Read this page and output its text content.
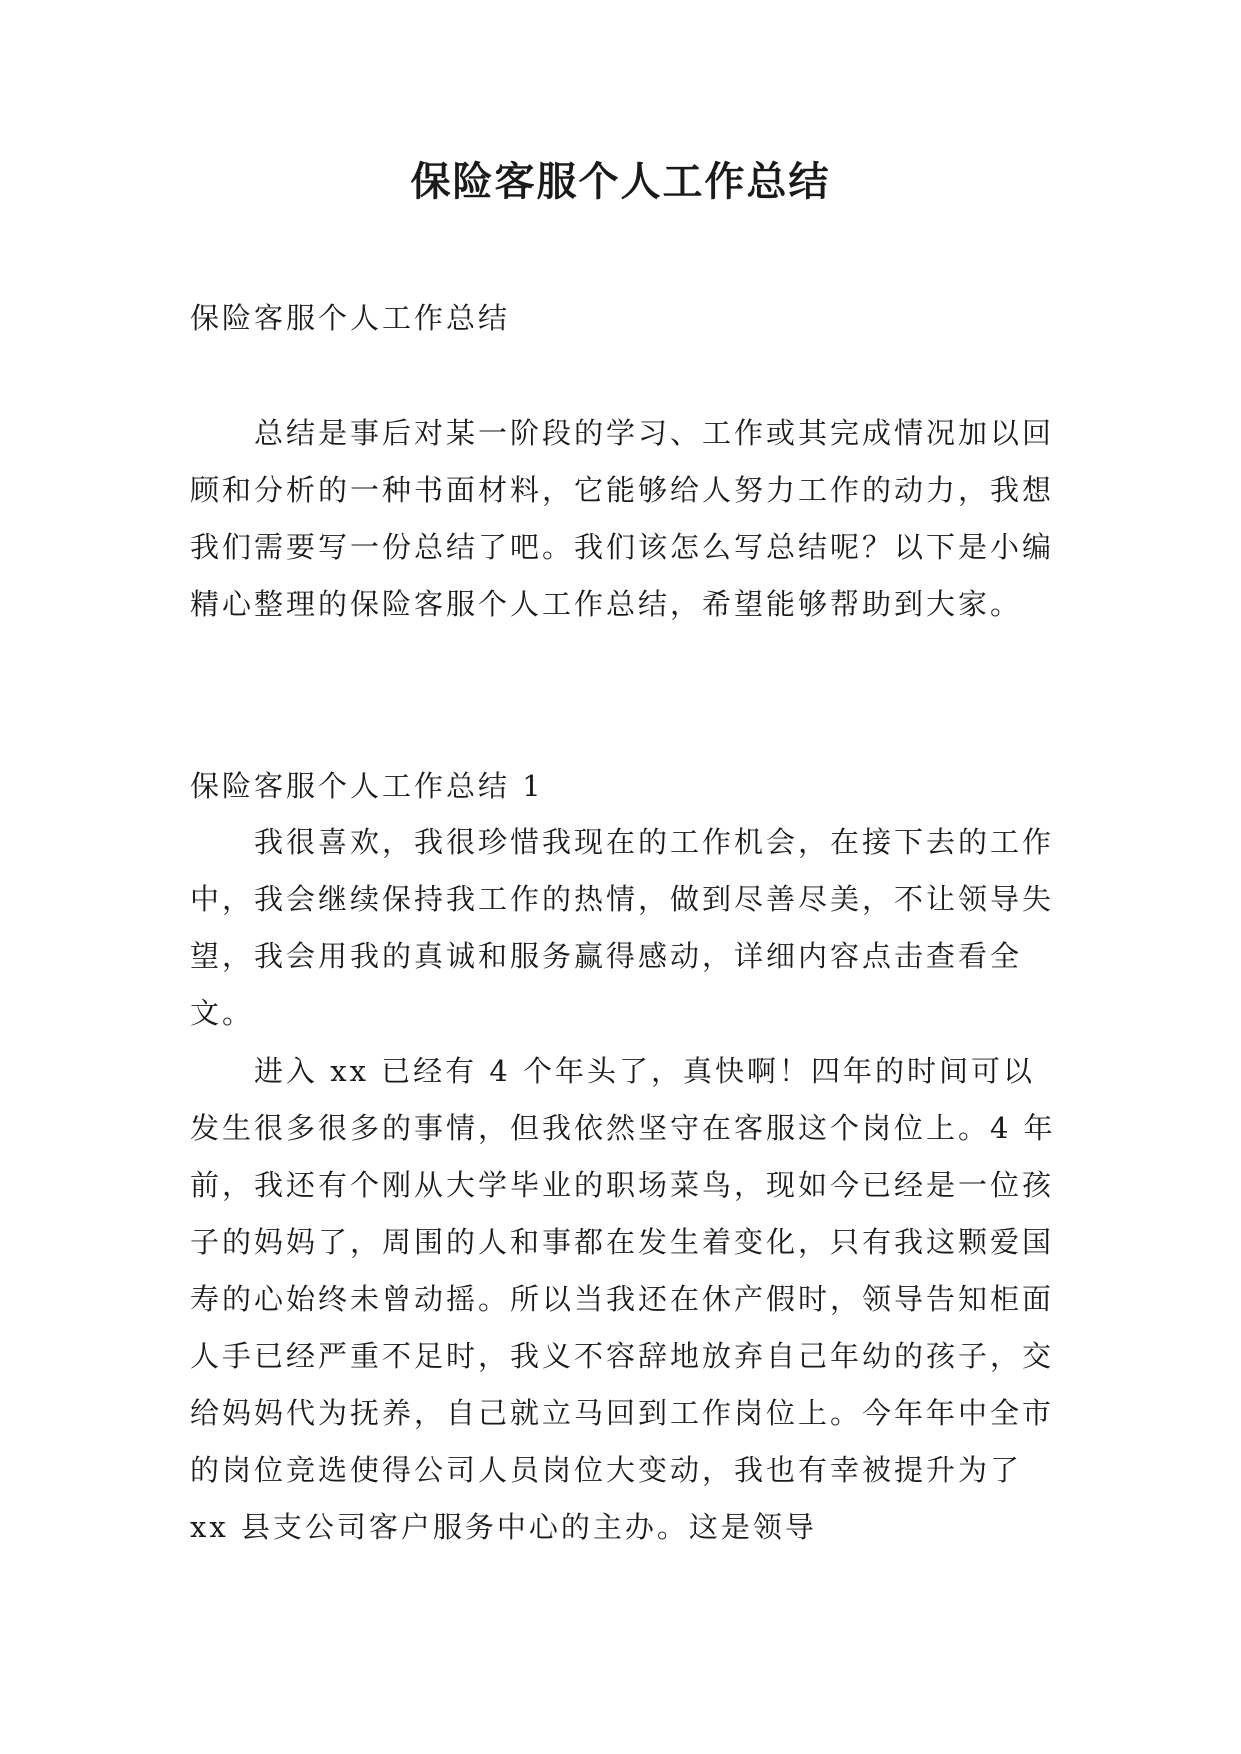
保险客服个人工作总结

保险客服个人工作总结

总结是事后对某一阶段的学习、工作或其完成情况加以回顾和分析的一种书面材料，它能够给人努力工作的动力，我想我们需要写一份总结了吧。我们该怎么写总结呢？以下是小编精心整理的保险客服个人工作总结，希望能够帮助到大家。

保险客服个人工作总结 1

我很喜欢，我很珍惜我现在的工作机会，在接下去的工作中，我会继续保持我工作的热情，做到尽善尽美，不让领导失望，我会用我的真诚和服务赢得感动，详细内容点击查看全文。

进入 xx 已经有 4 个年头了，真快啊！四年的时间可以发生很多很多的事情，但我依然坚守在客服这个岗位上。4 年前，我还有个刚从大学毕业的职场菜鸟，现如今已经是一位孩子的妈妈了，周围的人和事都在发生着变化，只有我这颗爱国寿的心始终未曾动摇。所以当我还在休产假时，领导告知柜面人手已经严重不足时，我义不容辞地放弃自己年幼的孩子，交给妈妈代为抚养，自己就立马回到工作岗位上。今年年中全市的岗位竞选使得公司人员岗位大变动，我也有幸被提升为了 xx 县支公司客户服务中心的主办。这是领导
